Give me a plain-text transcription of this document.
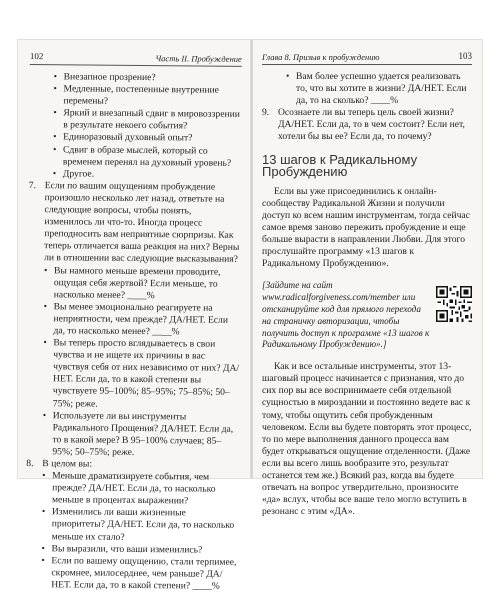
102	Часть II. Пробуждение
• Внезапное прозрение?
• Медленные, постепенные внутренние перемены?
• Яркий и внезапный сдвиг в мировоззрении в результате некоего события?
• Единоразовый духовный опыт?
• Сдвиг в образе мыслей, который со временем перенял на духовный уровень?
• Другое.
7. Если по вашим ощущениям пробуждение произошло несколько лет назад, ответьте на следующие вопросы, чтобы понять, изменилось ли что-то. Иногда процесс преподносить вам неприятные сюрпризы. Как теперь отличается ваша реакция на них? Верны ли в отношении вас следующие высказывания?
• Вы намного меньше времени проводите, ощущая себя жертвой? Если меньше, то насколько менее? ____%
• Вы менее эмоционально реагируете на неприятности, чем прежде? ДА/НЕТ. Если да, то насколько менее? ____%
• Вы теперь просто вглядываетесь в свои чувства и не ищете их причины в вас чувствуя себя от них независимо от них? ДА/НЕТ. Если да, то в какой степени вы чувствуете 95–100%; 85–95%; 75–85%; 50–75%; реже.
• Используете ли вы инструменты Радикального Прощения? ДА/НЕТ. Если да, то в какой мере? В 95–100% случаев; 85–95%; 50–75%; реже.
8. В целом вы:
• Меньше драматизируете события, чем прежде? ДА/НЕТ. Если да, то насколько меньше в процентах выражении?
• Изменились ли ваши жизненные приоритеты? ДА/НЕТ. Если да, то насколько меньше их стало?
• Вы выразили, что ваши изменились?
• Если по вашему ощущению, стали терпимее, скромнее, милосерднее, чем раньше? ДА/НЕТ. Если да, то в какой степени? ____%
Глава 8. Призыв к пробуждению	103
• Вам более успешно удается реализовать то, что вы хотите в жизни? ДА/НЕТ. Если да, то на сколько? ____%
9. Осознаете ли вы теперь цель своей жизни? ДА/НЕТ. Если да, то в чем состоит? Если нет, хотели бы вы ее? Если да, то почему?
13 шагов к Радикальному Пробуждению
Если вы уже присоединились к онлайн-сообществу Радикальной Жизни и получили доступ ко всем нашим инструментам, тогда сейчас самое время заново пережить пробуждение и еще больше вырасти в направлении Любви. Для этого прослушайте программу «13 шагов к Радикальному Пробуждению».
[Зайдите на сайт www.radicalforgiveness.com/member или отсканируйте код для прямого перехода на страничку авторизации, чтобы получить доступ к программе «13 шагов к Радикальному Пробуждению».]
Как и все остальные инструменты, этот 13-шаговый процесс начинается с признания, что до сих пор вы все воспринимаете себя отдельной сущностью в мироздании и постоянно ведете вас к тому, чтобы ощутить себя пробужденным человеком. Если вы будете повторять этот процесс, то по мере выполнения данного процесса вам будет открываться ощущение отделенности. (Даже если вы всего лишь вообразите это, результат останется тем же.) Всякий раз, когда вы будете отвечать на вопрос утвердительно, произносите «да» вслух, чтобы все ваше тело могло вступить в резонанс с этим «ДА».
